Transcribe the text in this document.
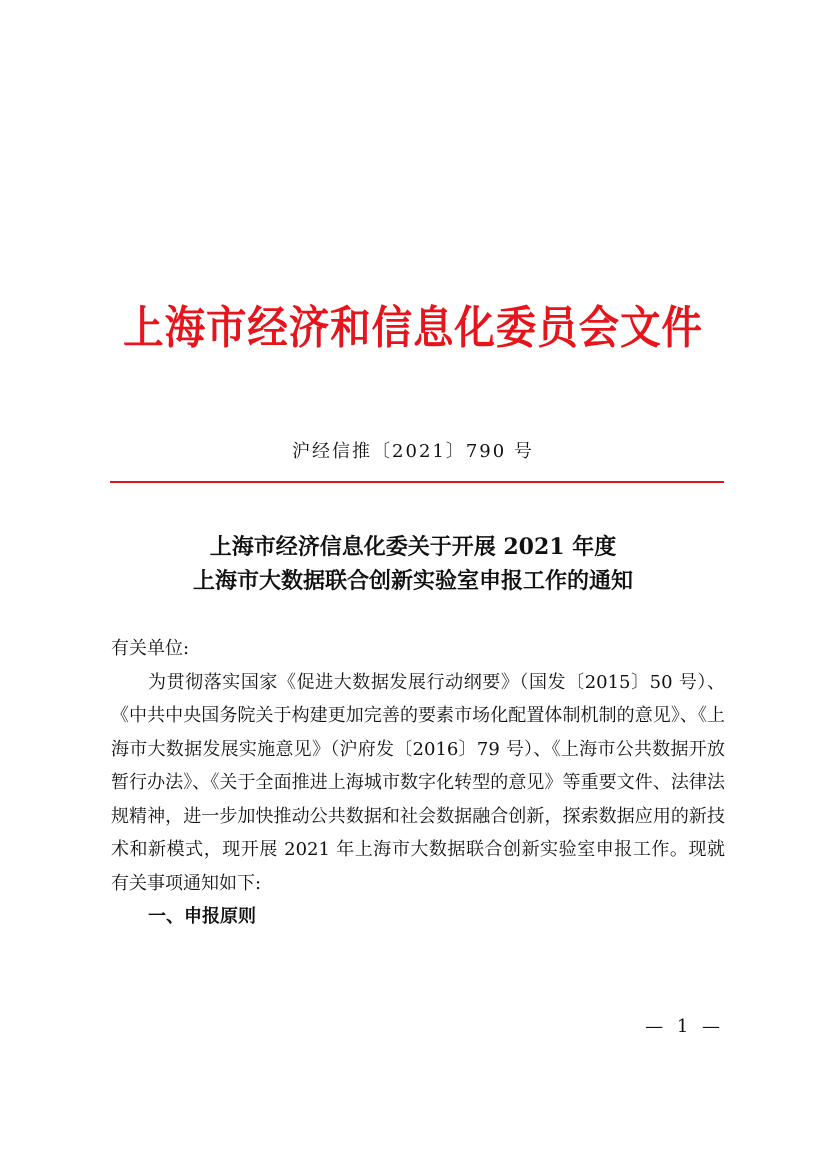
上海市经济和信息化委员会文件
沪经信推〔2021〕790 号
上海市经济信息化委关于开展 2021 年度
上海市大数据联合创新实验室申报工作的通知

有关单位:

为贯彻落实国家《促进大数据发展行动纲要》（国发〔2015〕50 号）、《中共中央国务院关于构建更加完善的要素市场化配置体制机制的意见》、《上海市大数据发展实施意见》（沪府发〔2016〕79 号）、《上海市公共数据开放暂行办法》、《关于全面推进上海城市数字化转型的意见》等重要文件、法律法规精神，进一步加快推动公共数据和社会数据融合创新，探索数据应用的新技术和新模式，现开展 2021 年上海市大数据联合创新实验室申报工作。现就有关事项通知如下:

一、申报原则

— 1 —
